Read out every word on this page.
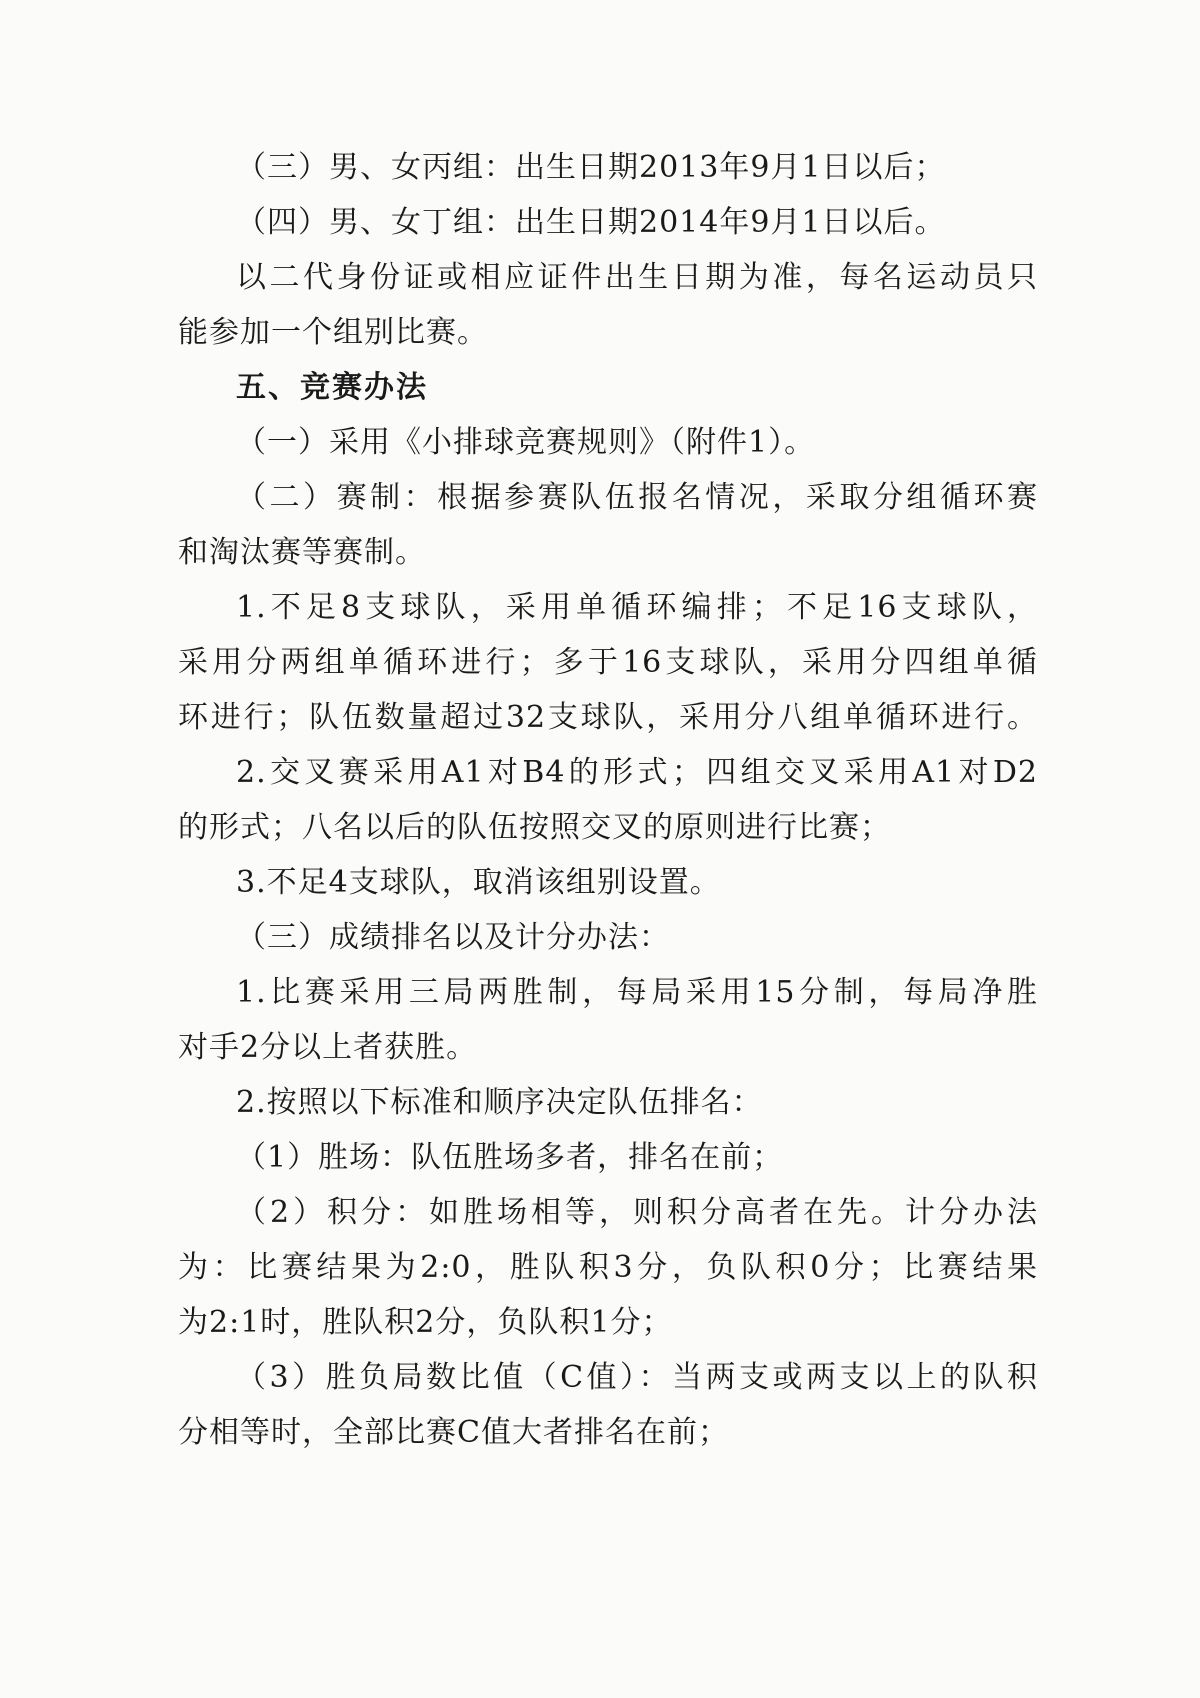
（三）男、女丙组：出生日期2013年9月1日以后；
（四）男、女丁组：出生日期2014年9月1日以后。
以二代身份证或相应证件出生日期为准，每名运动员只
能参加一个组别比赛。
五、竞赛办法
（一）采用《小排球竞赛规则》（附件1）。
（二）赛制：根据参赛队伍报名情况，采取分组循环赛
和淘汰赛等赛制。
1.不足8支球队，采用单循环编排；不足16支球队，
采用分两组单循环进行；多于16支球队，采用分四组单循
环进行；队伍数量超过32支球队，采用分八组单循环进行。
2.交叉赛采用A1对B4的形式；四组交叉采用A1对D2
的形式；八名以后的队伍按照交叉的原则进行比赛；
3.不足4支球队，取消该组别设置。
（三）成绩排名以及计分办法：
1.比赛采用三局两胜制，每局采用15分制，每局净胜
对手2分以上者获胜。
2.按照以下标准和顺序决定队伍排名：
（1）胜场：队伍胜场多者，排名在前；
（2）积分：如胜场相等，则积分高者在先。计分办法
为：比赛结果为2:0，胜队积3分，负队积0分；比赛结果
为2:1时，胜队积2分，负队积1分；
（3）胜负局数比值（C值）：当两支或两支以上的队积
分相等时，全部比赛C值大者排名在前；
